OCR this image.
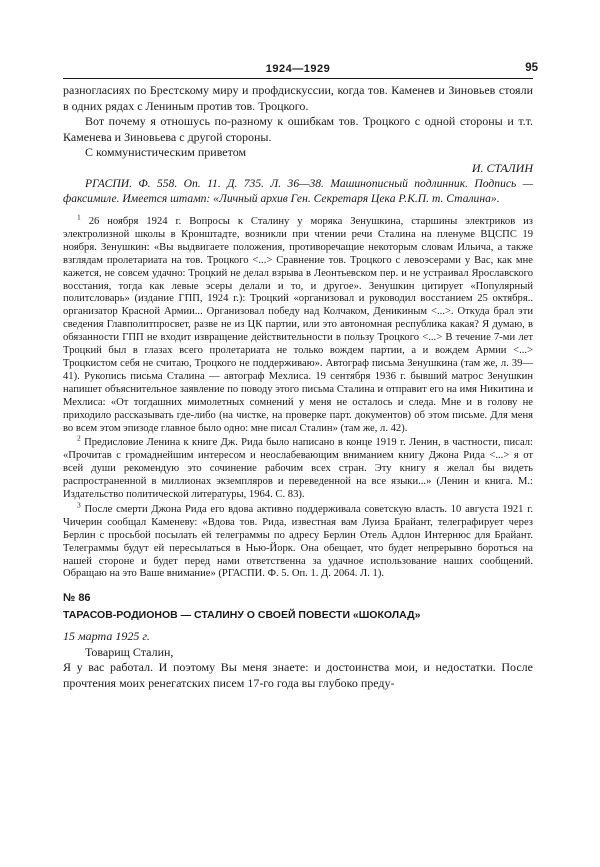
1924—1929	95

разногласиях по Брестскому миру и профдискуссии, когда тов. Каменев и Зиновьев стояли в одних рядах с Лениным против тов. Троцкого.

Вот почему я отношусь по-разному к ошибкам тов. Троцкого с одной стороны и т.т. Каменева и Зиновьева с другой стороны.

С коммунистическим приветом

И. СТАЛИН

РГАСПИ. Ф. 558. Оп. 11. Д. 735. Л. 36—38. Машинописный подлинник. Подпись — факсимиле. Имеется штамп: «Личный архив Ген. Секретаря Цека Р.К.П. т. Сталина».

$^1$ 26 ноября 1924 г. Вопросы к Сталину у моряка Зенушкина, старшины электриков из электролизной школы в Кронштадте, возникли при чтении речи Сталина на пленуме ВЦСПС 19 ноября. Зенушкин: «Вы выдвигаете положения, противоречащие некоторым словам Ильича, а также взглядам пролетариата на тов. Троцкого <...> Сравнение тов. Троцкого с левоэсерами у Вас, как мне кажется, не совсем удачно: Троцкий не делал взрыва в Леонтьевском пер. и не устраивал Ярославского восстания, тогда как левые эсеры делали и то, и другое». Зенушкин цитирует «Популярный политсловарь» (издание ГПП, 1924 г.): Троцкий «организовал и руководил восстанием 25 октября.. организатор Красной Армии... Организовал победу над Колчаком, Деникиным <...>. Откуда брал эти сведения Главполитпросвет, разве не из ЦК партии, или это автономная республика какая? Я думаю, в обязанности ГПП не входит извращение действительности в пользу Троцкого <...> В течение 7-ми лет Троцкий был в глазах всего пролетариата не только вождем партии, а и вождем Армии <...> Троцкистом себя не считаю, Троцкого не поддерживаю». Автограф письма Зенушкина (там же, л. 39—41). Рукопись письма Сталина — автограф Мехлиса. 19 сентября 1936 г. бывший матрос Зенушкин напишет объяснительное заявление по поводу этого письма Сталина и отправит его на имя Никитина и Мехлиса: «От тогдашних мимолетных сомнений у меня не осталось и следа. Мне и в голову не приходило рассказывать где-либо (на чистке, на проверке парт. документов) об этом письме. Для меня во всем этом эпизоде главное было одно: мне писал Сталин» (там же, л. 42).

$^2$ Предисловие Ленина к книге Дж. Рида было написано в конце 1919 г. Ленин, в частности, писал: «Прочитав с громаднейшим интересом и неослабевающим вниманием книгу Джона Рида <...> я от всей души рекомендую это сочинение рабочим всех стран. Эту книгу я желал бы видеть распространенной в миллионах экземпляров и переведенной на все языки...» (Ленин и книга. М.: Издательство политической литературы, 1964. С. 83).

$^3$ После смерти Джона Рида его вдова активно поддерживала советскую власть. 10 августа 1921 г. Чичерин сообщал Каменеву: «Вдова тов. Рида, известная вам Луиза Брайант, телеграфирует через Берлин с просьбой посылать ей телеграммы по адресу Берлин Отель Адлон Интернюс для Брайант. Телеграммы будут ей пересылаться в Нью-Йорк. Она обещает, что будет непрерывно бороться на нашей стороне и будет перед нами ответственна за удачное использование наших сообщений. Обращаю на это Ваше внимание» (РГАСПИ. Ф. 5. Оп. 1. Д. 2064. Л. 1).

№ 86
ТАРАСОВ-РОДИОНОВ — СТАЛИНУ О СВОЕЙ ПОВЕСТИ «ШОКОЛАД»
15 марта 1925 г.

Товарищ Сталин,

Я у вас работал. И поэтому Вы меня знаете: и достоинства мои, и недостатки. После прочтения моих ренегатских писем 17-го года вы глубоко преду-
